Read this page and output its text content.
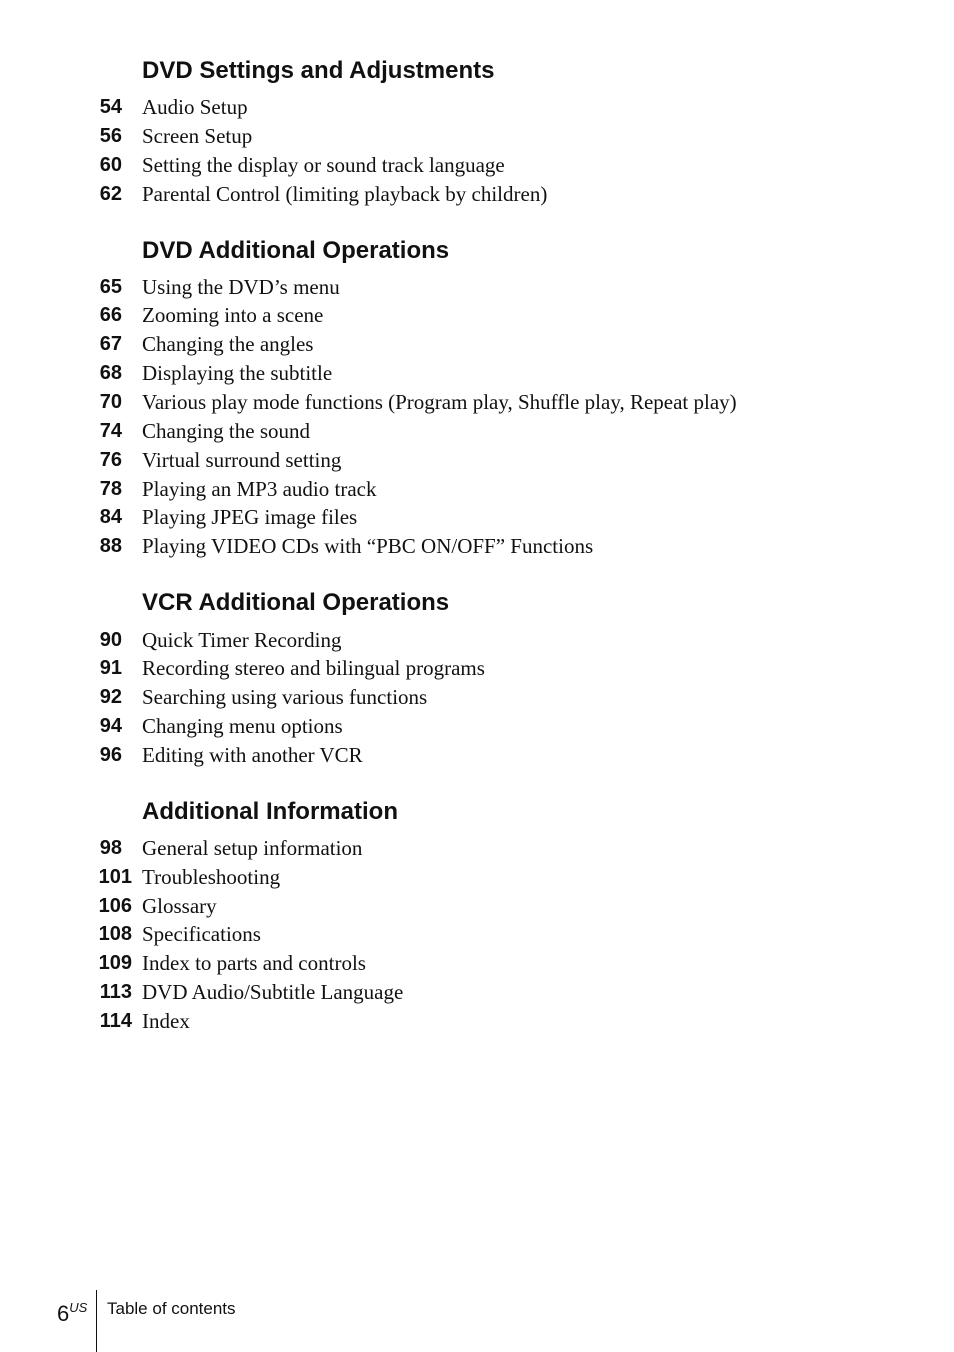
DVD Settings and Adjustments
54 Audio Setup
56 Screen Setup
60 Setting the display or sound track language
62 Parental Control (limiting playback by children)
DVD Additional Operations
65 Using the DVD’s menu
66 Zooming into a scene
67 Changing the angles
68 Displaying the subtitle
70 Various play mode functions (Program play, Shuffle play, Repeat play)
74 Changing the sound
76 Virtual surround setting
78 Playing an MP3 audio track
84 Playing JPEG image files
88 Playing VIDEO CDs with “PBC ON/OFF” Functions
VCR Additional Operations
90 Quick Timer Recording
91 Recording stereo and bilingual programs
92 Searching using various functions
94 Changing menu options
96 Editing with another VCR
Additional Information
98 General setup information
101 Troubleshooting
106 Glossary
108 Specifications
109 Index to parts and controls
113 DVD Audio/Subtitle Language
114 Index
$6^{US}$ Table of contents
